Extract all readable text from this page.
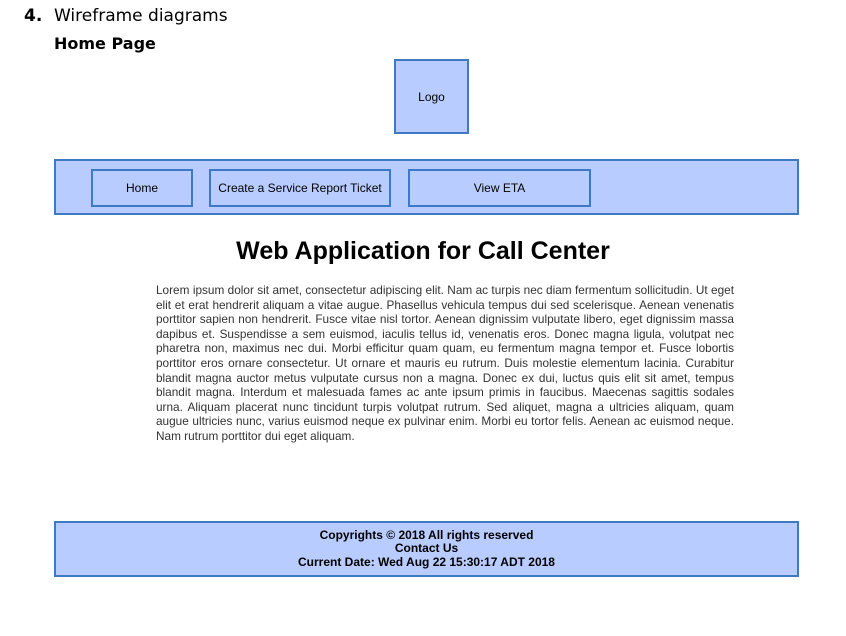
4. Wireframe diagrams
Home Page
Logo
Home	Create a Service Report Ticket	View ETA
Web Application for Call Center
Lorem ipsum dolor sit amet, consectetur adipiscing elit. Nam ac turpis nec diam fermentum sollicitudin. Ut eget elit et erat hendrerit aliquam a vitae augue. Phasellus vehicula tempus dui sed scelerisque. Aenean venenatis porttitor sapien non hendrerit. Fusce vitae nisl tortor. Aenean dignissim vulputate libero, eget dignissim massa dapibus et. Suspendisse a sem euismod, iaculis tellus id, venenatis eros. Donec magna ligula, volutpat nec pharetra non, maximus nec dui. Morbi efficitur quam quam, eu fermentum magna tempor et. Fusce lobortis porttitor eros ornare consectetur. Ut ornare et mauris eu rutrum. Duis molestie elementum lacinia. Curabitur blandit magna auctor metus vulputate cursus non a magna. Donec ex dui, luctus quis elit sit amet, tempus blandit magna. Interdum et malesuada fames ac ante ipsum primis in faucibus. Maecenas sagittis sodales urna. Aliquam placerat nunc tincidunt turpis volutpat rutrum. Sed aliquet, magna a ultricies aliquam, quam augue ultricies nunc, varius euismod neque ex pulvinar enim. Morbi eu tortor felis. Aenean ac euismod neque. Nam rutrum porttitor dui eget aliquam.
Copyrights © 2018 All rights reserved
Contact Us
Current Date: Wed Aug 22 15:30:17 ADT 2018
